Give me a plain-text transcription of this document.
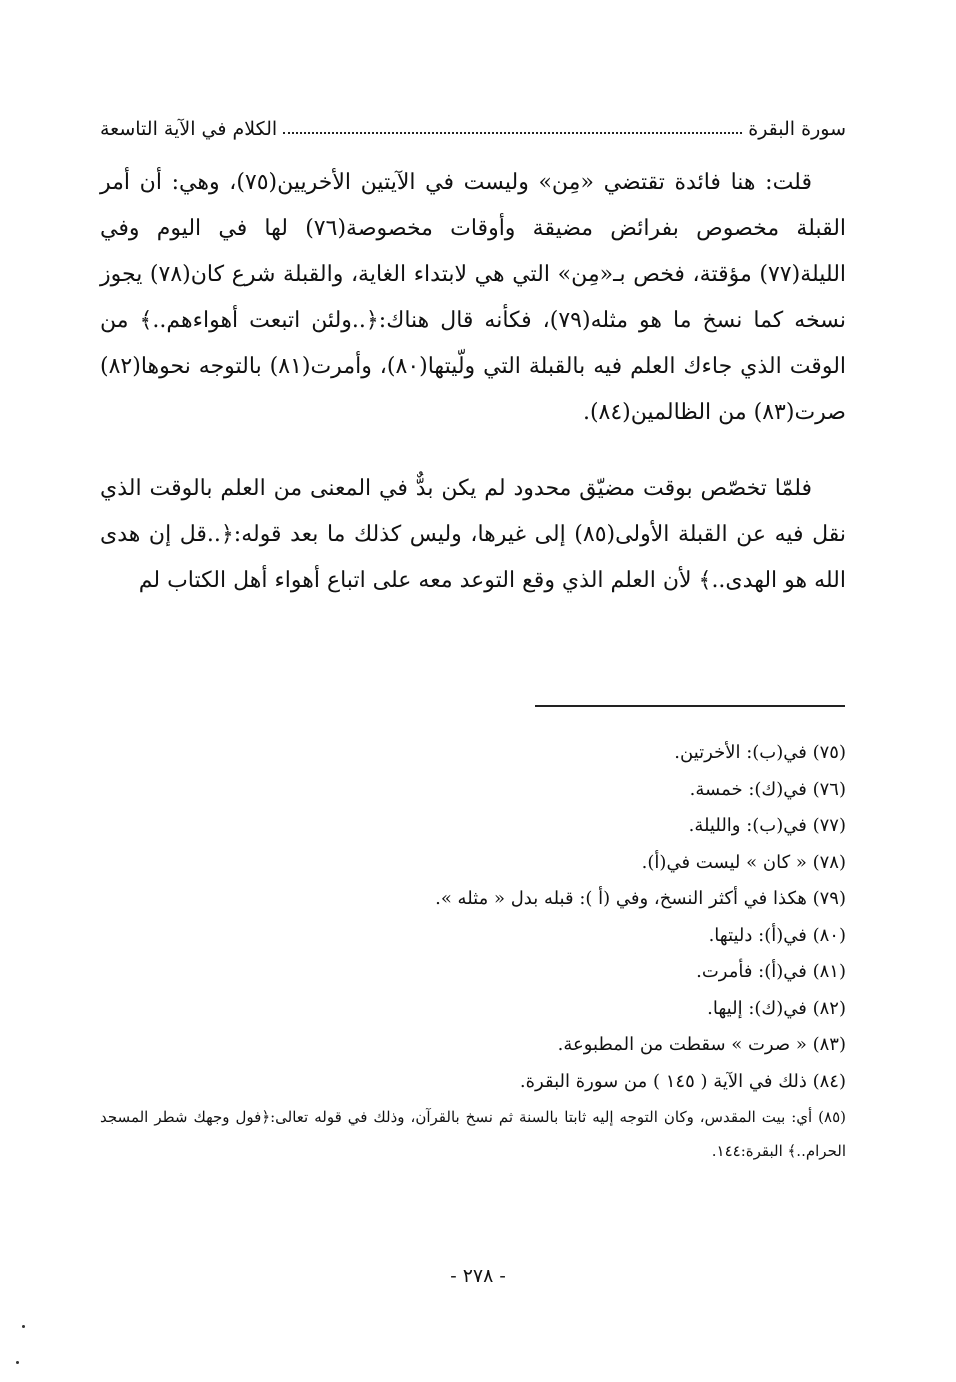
سورة البقرة
الكلام في الآية التاسعة

قلت: هنا فائدة تقتضي «مِن» وليست في الآيتين الأخريين(٧٥)، وهي: أن أمر القبلة مخصوص بفرائض مضيقة وأوقات مخصوصة(٧٦) لها في اليوم وفي الليلة(٧٧) مؤقتة، فخص بـ«مِن» التي هي لابتداء الغاية، والقبلة شرع كان(٧٨) يجوز نسخه كما نسخ ما هو مثله(٧٩)، فكأنه قال هناك:﴿..ولئن اتبعت أهواءهم..﴾ من الوقت الذي جاءك العلم فيه بالقبلة التي ولّيتها(٨٠)، وأمرت(٨١) بالتوجه نحوها(٨٢) صرت(٨٣) من الظالمين(٨٤).

فلمّا تخصّص بوقت مضيّق محدود لم يكن بدٌّ في المعنى من العلم بالوقت الذي نقل فيه عن القبلة الأولى(٨٥) إلى غيرها، وليس كذلك ما بعد قوله:﴿..قل إن هدى الله هو الهدى..﴾ لأن العلم الذي وقع التوعد معه على اتباع أهواء أهل الكتاب لم

(٧٥) في(ب): الأخرتين.

(٧٦) في(ك): خمسة.

(٧٧) في(ب): والليلة.

(٧٨) « كان » ليست في(أ).

(٧٩) هكذا في أكثر النسخ، وفي (أ ): قبله بدل « مثله ».

(٨٠) في(أ): دليتها.

(٨١) في(أ): فأمرت.

(٨٢) في(ك): إليها.

(٨٣) « صرت » سقطت من المطبوعة.

(٨٤) ذلك في الآية ( ١٤٥ ) من سورة البقرة.

(٨٥) أي: بيت المقدس، وكان التوجه إليه ثابتا بالسنة ثم نسخ بالقرآن، وذلك في قوله تعالى:﴿فول وجهك شطر المسجد الحرام..﴾ البقرة:١٤٤.

- ٢٧٨ -
